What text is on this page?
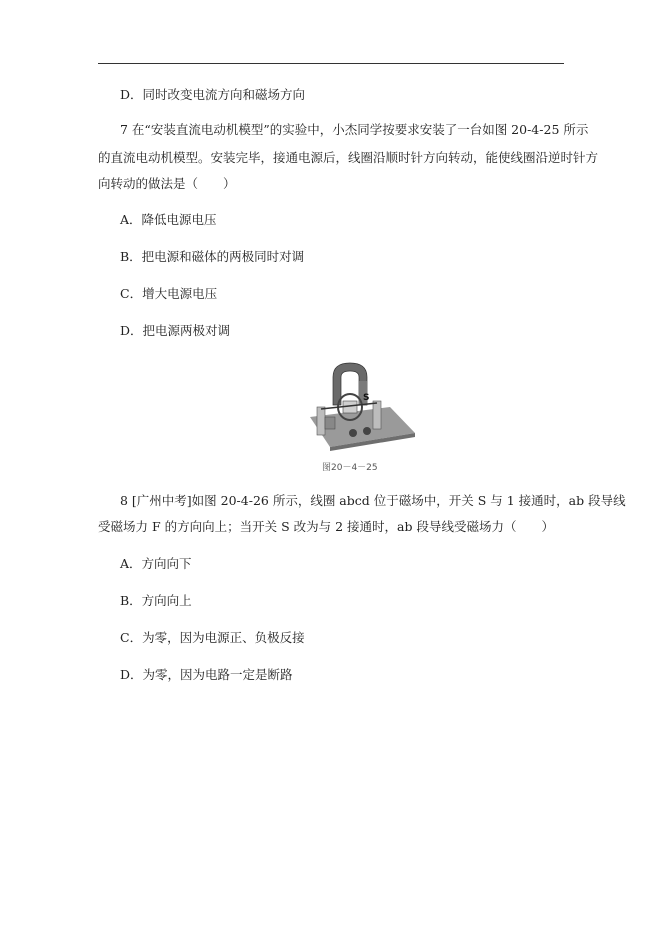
D．同时改变电流方向和磁场方向
7 在“安装直流电动机模型”的实验中，小杰同学按要求安装了一台如图 20-4-25 所示
的直流电动机模型。安装完毕，接通电源后，线圈沿顺时针方向转动，能使线圈沿逆时针方
向转动的做法是（　　）
A．降低电源电压
B．把电源和磁体的两极同时对调
C．增大电源电压
D．把电源两极对调
S
图20－4－25
8 [广州中考]如图 20-4-26 所示，线圈 abcd 位于磁场中，开关 S 与 1 接通时，ab 段导线
受磁场力 F 的方向向上；当开关 S 改为与 2 接通时，ab 段导线受磁场力（　　）
A．方向向下
B．方向向上
C．为零，因为电源正、负极反接
D．为零，因为电路一定是断路
